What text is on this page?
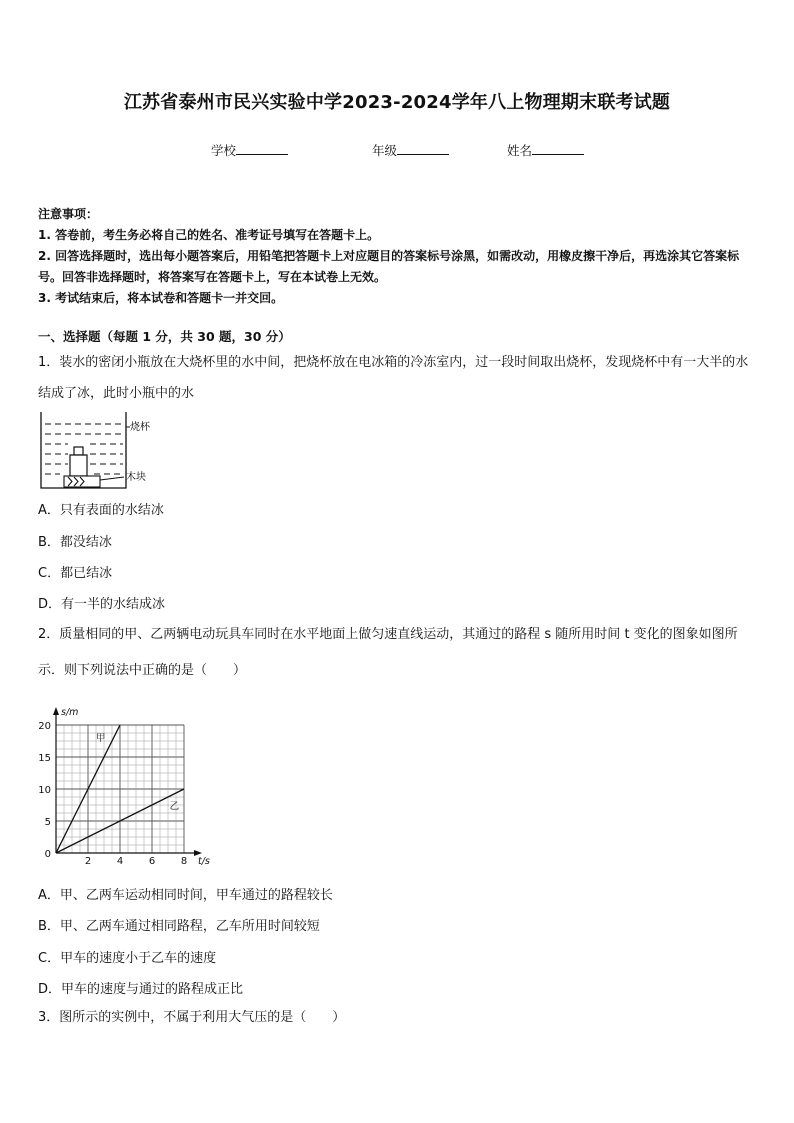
江苏省泰州市民兴实验中学2023-2024学年八上物理期末联考试题
学校	年级	姓名

注意事项：

1. 答卷前，考生务必将自己的姓名、准考证号填写在答题卡上。

2. 回答选择题时，选出每小题答案后，用铅笔把答题卡上对应题目的答案标号涂黑，如需改动，用橡皮擦干净后，再选涂其它答案标号。回答非选择题时，将答案写在答题卡上，写在本试卷上无效。

3. 考试结束后，将本试卷和答题卡一并交回。

一、选择题（每题 1 分，共 30 题，30 分）
1．装水的密闭小瓶放在大烧杯里的水中间，把烧杯放在电冰箱的冷冻室内，过一段时间取出烧杯，发现烧杯中有一大半的水结成了冰，此时小瓶中的水
烧杯
木块
A．只有表面的水结冰
B．都没结冰
C．都已结冰
D．有一半的水结成冰
2．质量相同的甲、乙两辆电动玩具车同时在水平地面上做匀速直线运动，其通过的路程 s 随所用时间 t 变化的图象如图所示．则下列说法中正确的是（　　）
2	4	6	8
5
10
15
20
0
t/s
s/m
甲
乙
A．甲、乙两车运动相同时间，甲车通过的路程较长
B．甲、乙两车通过相同路程，乙车所用时间较短
C．甲车的速度小于乙车的速度
D．甲车的速度与通过的路程成正比
3．图所示的实例中，不属于利用大气压的是（　　）
